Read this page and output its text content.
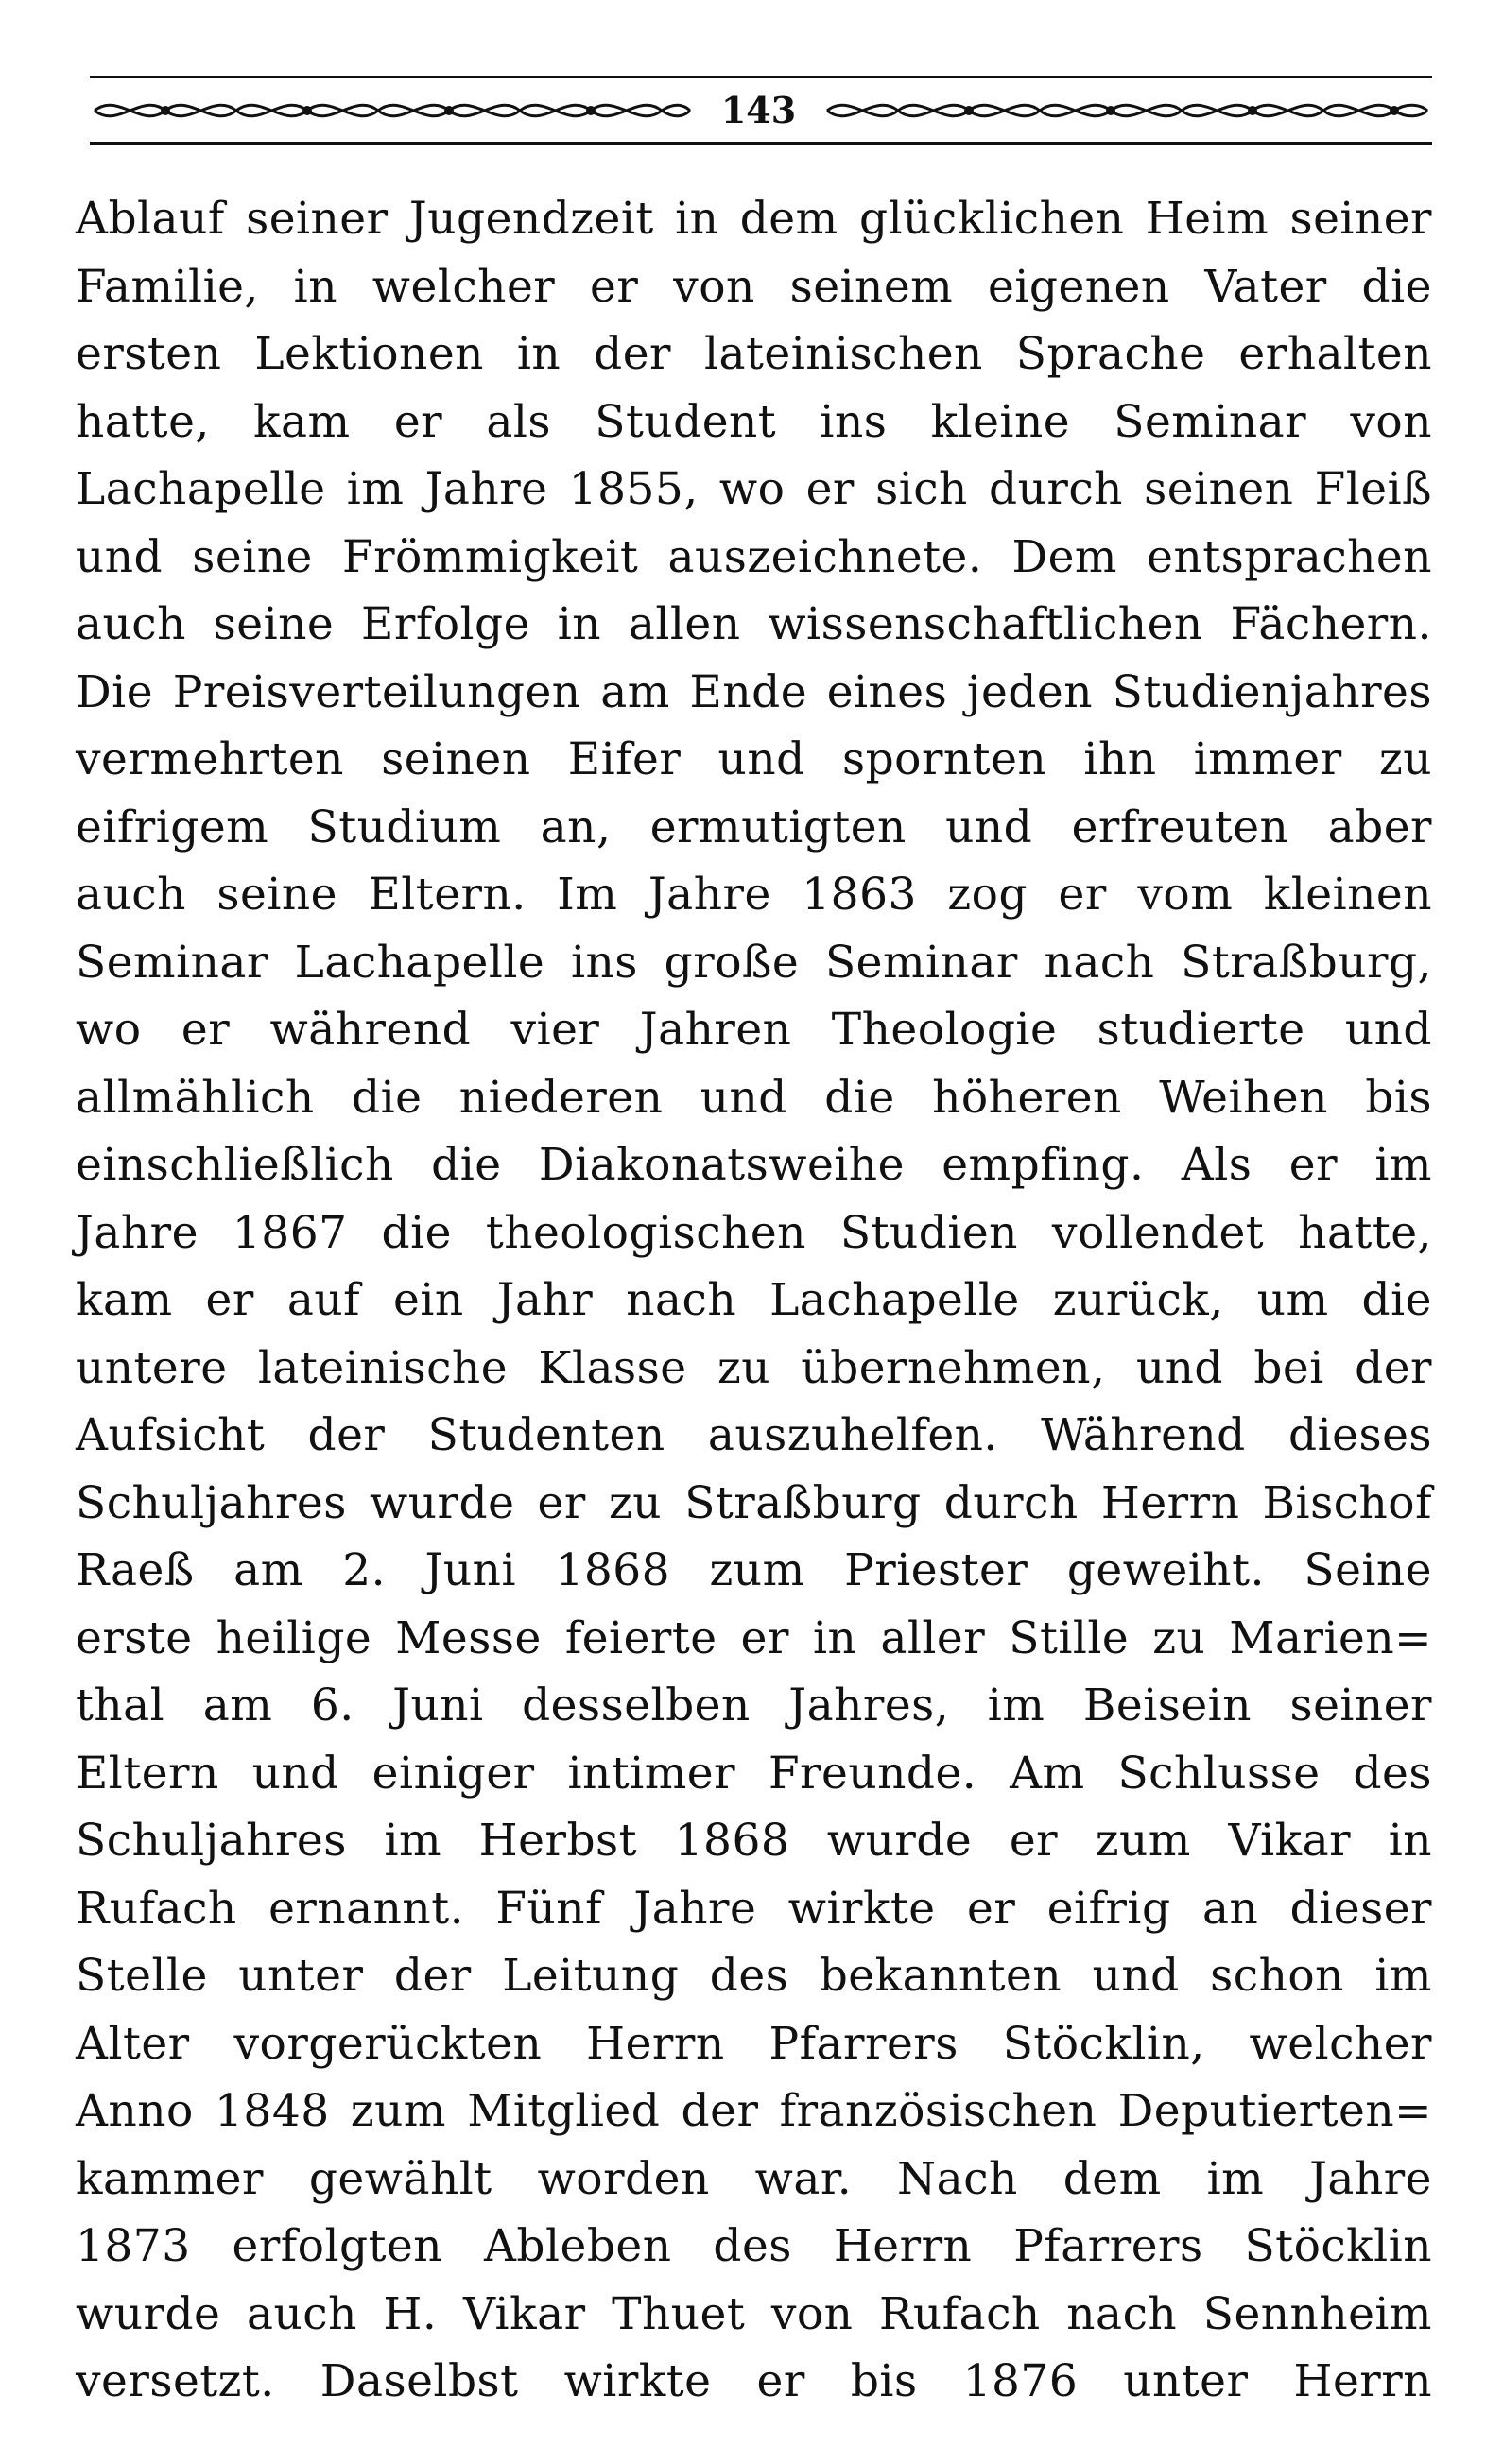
143
Ablauf seiner Jugendzeit in dem glücklichen Heim seiner
Familie, in welcher er von seinem eigenen Vater die
ersten Lektionen in der lateinischen Sprache erhalten
hatte, kam er als Student ins kleine Seminar von
Lachapelle im Jahre 1855, wo er sich durch seinen Fleiß
und seine Frömmigkeit auszeichnete. Dem entsprachen
auch seine Erfolge in allen wissenschaftlichen Fächern.
Die Preisverteilungen am Ende eines jeden Studienjahres
vermehrten seinen Eifer und spornten ihn immer zu
eifrigem Studium an, ermutigten und erfreuten aber
auch seine Eltern. Im Jahre 1863 zog er vom kleinen
Seminar Lachapelle ins große Seminar nach Straßburg,
wo er während vier Jahren Theologie studierte und
allmählich die niederen und die höheren Weihen bis
einschließlich die Diakonatsweihe empfing. Als er im
Jahre 1867 die theologischen Studien vollendet hatte,
kam er auf ein Jahr nach Lachapelle zurück, um die
untere lateinische Klasse zu übernehmen, und bei der
Aufsicht der Studenten auszuhelfen. Während dieses
Schuljahres wurde er zu Straßburg durch Herrn Bischof
Raeß am 2. Juni 1868 zum Priester geweiht. Seine
erste heilige Messe feierte er in aller Stille zu Marien=
thal am 6. Juni desselben Jahres, im Beisein seiner
Eltern und einiger intimer Freunde. Am Schlusse des
Schuljahres im Herbst 1868 wurde er zum Vikar in
Rufach ernannt. Fünf Jahre wirkte er eifrig an dieser
Stelle unter der Leitung des bekannten und schon im
Alter vorgerückten Herrn Pfarrers Stöcklin, welcher
Anno 1848 zum Mitglied der französischen Deputierten=
kammer gewählt worden war. Nach dem im Jahre
1873 erfolgten Ableben des Herrn Pfarrers Stöcklin
wurde auch H. Vikar Thuet von Rufach nach Sennheim
versetzt. Daselbst wirkte er bis 1876 unter Herrn
